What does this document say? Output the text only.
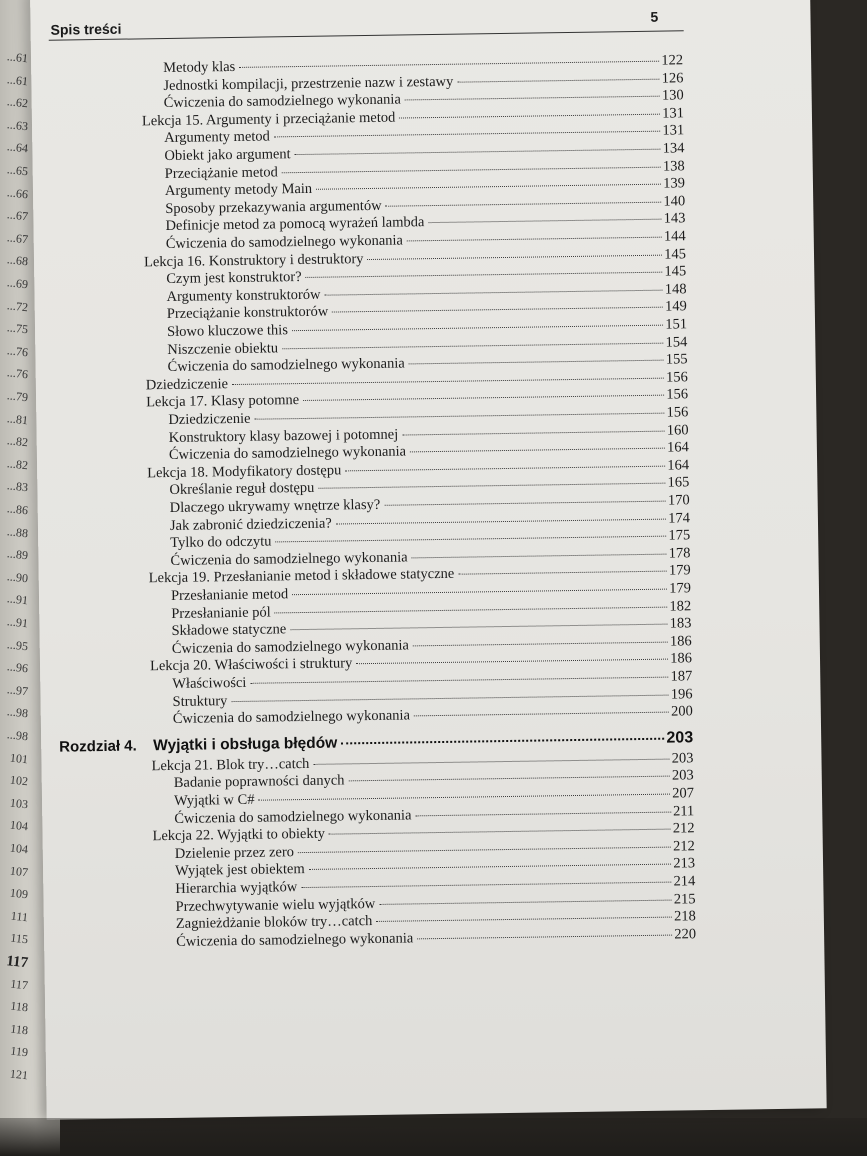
...61
...61
...62
...63
...64
...65
...66
...67
...67
...68
...69
...72
...75
...76
...76
...79
...81
...82
...82
...83
...86
...88
...89
...90
...91
...91
...95
...96
...97
...98
...98
101
102
103
104
104
107
109
111
115
117
117
118
118
119
121
Spis treści
5
Metody klas	122
Jednostki kompilacji, przestrzenie nazw i zestawy	126
Ćwiczenia do samodzielnego wykonania	130
Lekcja 15. Argumenty i przeciążanie metod	131
Argumenty metod	131
Obiekt jako argument	134
Przeciążanie metod	138
Argumenty metody Main	139
Sposoby przekazywania argumentów	140
Definicje metod za pomocą wyrażeń lambda	143
Ćwiczenia do samodzielnego wykonania	144
Lekcja 16. Konstruktory i destruktory	145
Czym jest konstruktor?	145
Argumenty konstruktorów	148
Przeciążanie konstruktorów	149
Słowo kluczowe this	151
Niszczenie obiektu	154
Ćwiczenia do samodzielnego wykonania	155
Dziedziczenie	156
Lekcja 17. Klasy potomne	156
Dziedziczenie	156
Konstruktory klasy bazowej i potomnej	160
Ćwiczenia do samodzielnego wykonania	164
Lekcja 18. Modyfikatory dostępu	164
Określanie reguł dostępu	165
Dlaczego ukrywamy wnętrze klasy?	170
Jak zabronić dziedziczenia?	174
Tylko do odczytu	175
Ćwiczenia do samodzielnego wykonania	178
Lekcja 19. Przesłanianie metod i składowe statyczne	179
Przesłanianie metod	179
Przesłanianie pól	182
Składowe statyczne	183
Ćwiczenia do samodzielnego wykonania	186
Lekcja 20. Właściwości i struktury	186
Właściwości	187
Struktury	196
Ćwiczenia do samodzielnego wykonania	200
Rozdział 4. Wyjątki i obsługa błędów	203
Lekcja 21. Blok try…catch	203
Badanie poprawności danych	203
Wyjątki w C#	207
Ćwiczenia do samodzielnego wykonania	211
Lekcja 22. Wyjątki to obiekty	212
Dzielenie przez zero	212
Wyjątek jest obiektem	213
Hierarchia wyjątków	214
Przechwytywanie wielu wyjątków	215
Zagnieżdżanie bloków try…catch	218
Ćwiczenia do samodzielnego wykonania	220
